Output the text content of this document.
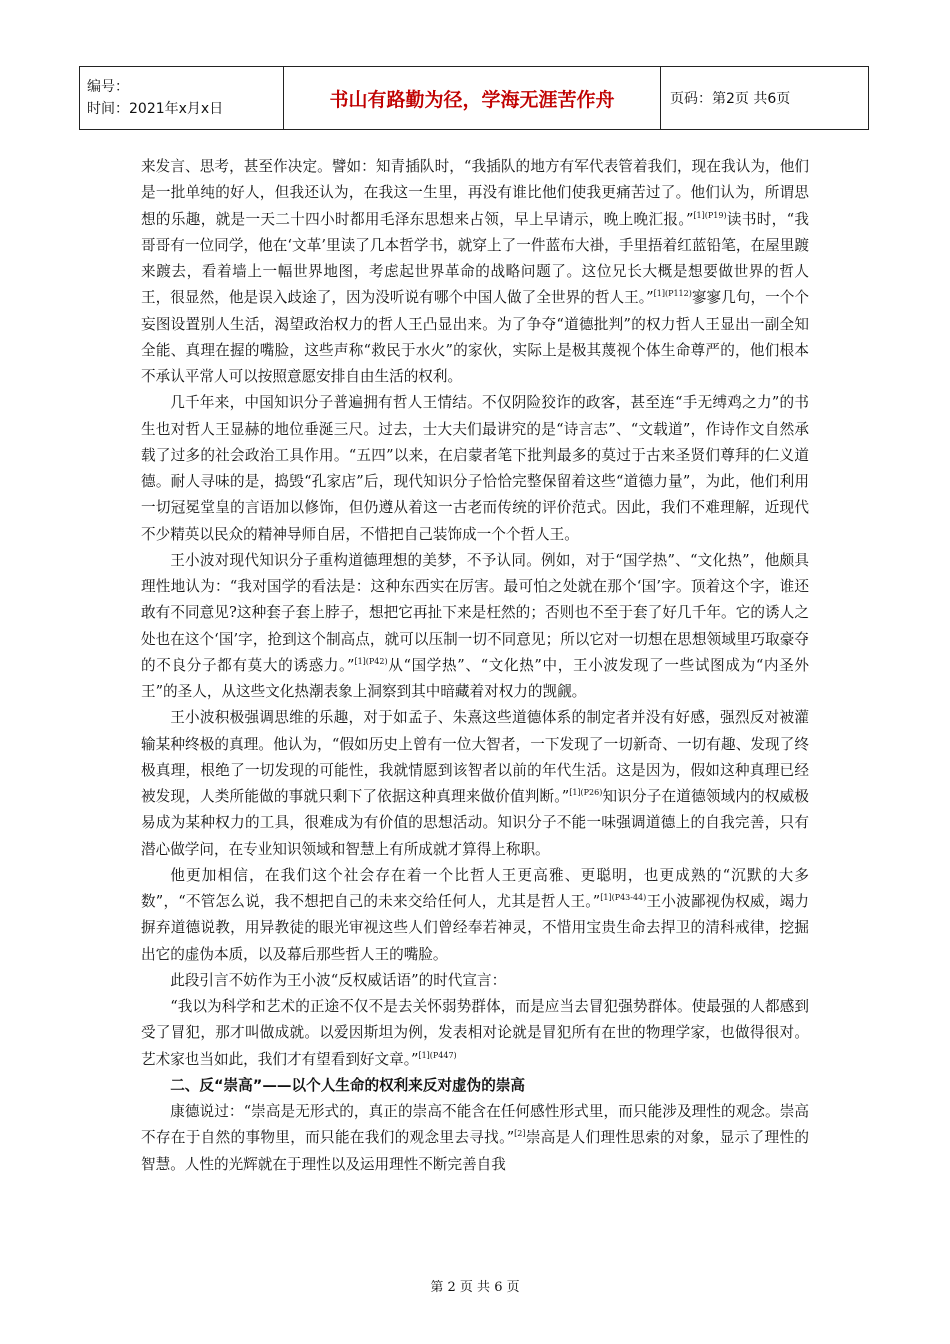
编号：
时间：2021年x月x日	书山有路勤为径，学海无涯苦作舟	页码：第2页 共6页

来发言、思考，甚至作决定。譬如：知青插队时，“我插队的地方有军代表管着我们，现在我认为，他们是一批单纯的好人，但我还认为，在我这一生里，再没有谁比他们使我更痛苦过了。他们认为，所谓思想的乐趣，就是一天二十四小时都用毛泽东思想来占领，早上早请示，晚上晚汇报。”$^{[1](P19)}$读书时，“我哥哥有一位同学，他在‘文革’里读了几本哲学书，就穿上了一件蓝布大褂，手里捂着红蓝铅笔，在屋里踱来踱去，看着墙上一幅世界地图，考虑起世界革命的战略问题了。这位兄长大概是想要做世界的哲人王，很显然，他是误入歧途了，因为没听说有哪个中国人做了全世界的哲人王。”$^{[1](P112)}$寥寥几句，一个个妄图设置别人生活，渴望政治权力的哲人王凸显出来。为了争夺“道德批判”的权力哲人王显出一副全知全能、真理在握的嘴脸，这些声称“救民于水火”的家伙，实际上是极其蔑视个体生命尊严的，他们根本不承认平常人可以按照意愿安排自由生活的权利。

几千年来，中国知识分子普遍拥有哲人王情结。不仅阴险狡诈的政客，甚至连“手无缚鸡之力”的书生也对哲人王显赫的地位垂涎三尺。过去，士大夫们最讲究的是“诗言志”、“文载道”，作诗作文自然承载了过多的社会政治工具作用。“五四”以来，在启蒙者笔下批判最多的莫过于古来圣贤们尊拜的仁义道德。耐人寻味的是，捣毁“孔家店”后，现代知识分子恰恰完整保留着这些“道德力量”，为此，他们利用一切冠冕堂皇的言语加以修饰，但仍遵从着这一古老而传统的评价范式。因此，我们不难理解，近现代不少精英以民众的精神导师自居，不惜把自己装饰成一个个哲人王。

王小波对现代知识分子重构道德理想的美梦，不予认同。例如，对于“国学热”、“文化热”，他颇具理性地认为：“我对国学的看法是：这种东西实在厉害。最可怕之处就在那个‘国’字。顶着这个字，谁还敢有不同意见?这种套子套上脖子，想把它再扯下来是枉然的；否则也不至于套了好几千年。它的诱人之处也在这个‘国’字，抢到这个制高点，就可以压制一切不同意见；所以它对一切想在思想领域里巧取豪夺的不良分子都有莫大的诱惑力。”$^{[1](P42)}$从“国学热”、“文化热”中，王小波发现了一些试图成为“内圣外王”的圣人，从这些文化热潮表象上洞察到其中暗藏着对权力的觊觎。

王小波积极强调思维的乐趣，对于如孟子、朱熹这些道德体系的制定者并没有好感，强烈反对被灌输某种终极的真理。他认为，“假如历史上曾有一位大智者，一下发现了一切新奇、一切有趣、发现了终极真理，根绝了一切发现的可能性，我就情愿到该智者以前的年代生活。这是因为，假如这种真理已经被发现，人类所能做的事就只剩下了依据这种真理来做价值判断。”$^{[1](P26)}$知识分子在道德领域内的权威极易成为某种权力的工具，很难成为有价值的思想活动。知识分子不能一味强调道德上的自我完善，只有潜心做学问，在专业知识领域和智慧上有所成就才算得上称职。

他更加相信，在我们这个社会存在着一个比哲人王更高雅、更聪明，也更成熟的“沉默的大多数”，“不管怎么说，我不想把自己的未来交给任何人，尤其是哲人王。”$^{[1](P43-44)}$王小波鄙视伪权威，竭力摒弃道德说教，用异教徒的眼光审视这些人们曾经奉若神灵，不惜用宝贵生命去捍卫的清科戒律，挖掘出它的虚伪本质，以及幕后那些哲人王的嘴脸。

此段引言不妨作为王小波“反权威话语”的时代宣言：

“我以为科学和艺术的正途不仅不是去关怀弱势群体，而是应当去冒犯强势群体。使最强的人都感到受了冒犯，那才叫做成就。以爱因斯坦为例，发表相对论就是冒犯所有在世的物理学家，也做得很对。艺术家也当如此，我们才有望看到好文章。”$^{[1](P447)}$

二、反“崇高”——以个人生命的权利来反对虚伪的崇高

康德说过：“崇高是无形式的，真正的崇高不能含在任何感性形式里，而只能涉及理性的观念。崇高不存在于自然的事物里，而只能在我们的观念里去寻找。”[2]崇高是人们理性思索的对象，显示了理性的智慧。人性的光辉就在于理性以及运用理性不断完善自我

第 2 页 共 6 页
